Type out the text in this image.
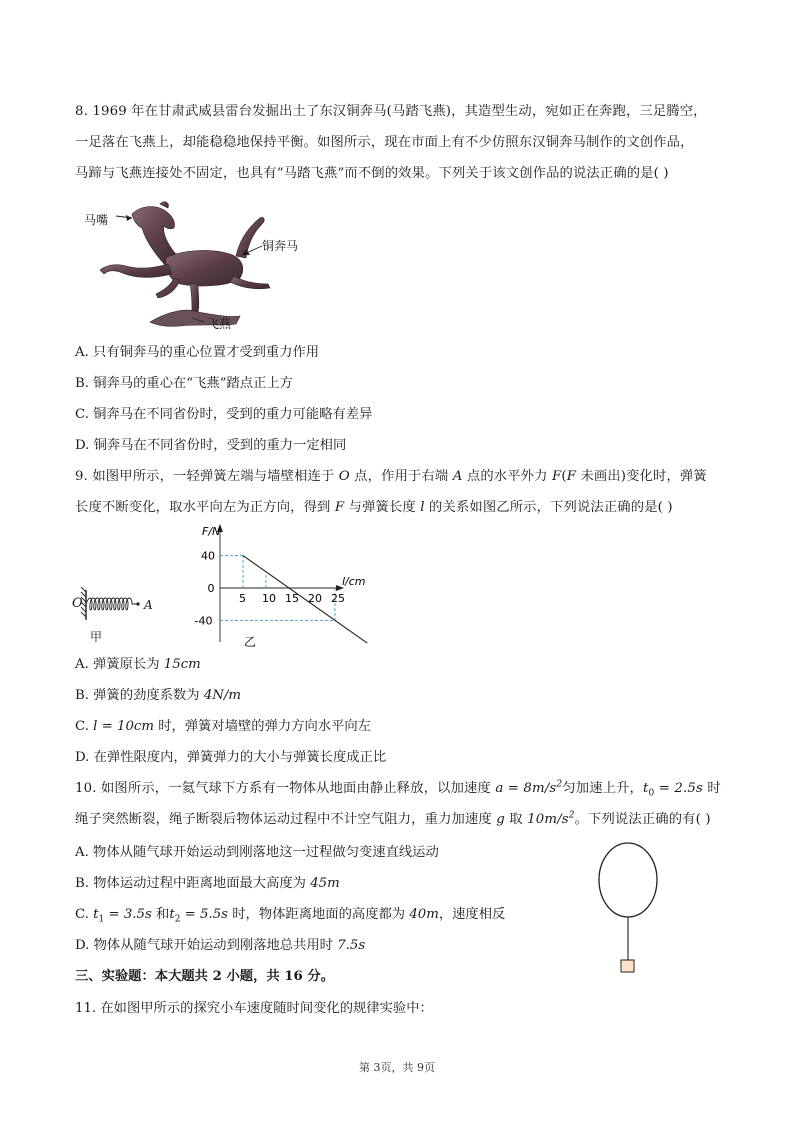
8. 1969 年在甘肃武威县雷台发掘出土了东汉铜奔马(马踏飞燕)，其造型生动，宛如正在奔跑，三足腾空，
一足落在飞燕上，却能稳稳地保持平衡。如图所示，现在市面上有不少仿照东汉铜奔马制作的文创作品，
马蹄与飞燕连接处不固定，也具有“马踏飞燕”而不倒的效果。下列关于该文创作品的说法正确的是( )
马嘴
铜奔马
飞燕
A. 只有铜奔马的重心位置才受到重力作用
B. 铜奔马的重心在“飞燕”踏点正上方
C. 铜奔马在不同省份时，受到的重力可能略有差异
D. 铜奔马在不同省份时，受到的重力一定相同
9. 如图甲所示，一轻弹簧左端与墙壁相连于 O 点，作用于右端 A 点的水平外力 F(F 未画出)变化时，弹簧
长度不断变化，取水平向左为正方向，得到 F 与弹簧长度 l 的关系如图乙所示，下列说法正确的是( )
O	A
甲
5 10 15 20 25
40
0
-40
F/N
l/cm
乙
A. 弹簧原长为 15cm
B. 弹簧的劲度系数为 4N/m
C. l = 10cm 时，弹簧对墙壁的弹力方向水平向左
D. 在弹性限度内，弹簧弹力的大小与弹簧长度成正比
10. 如图所示，一氦气球下方系有一物体从地面由静止释放，以加速度 $a = 8m/s^2$匀加速上升，$t_0 = 2.5s$ 时
绳子突然断裂，绳子断裂后物体运动过程中不计空气阻力，重力加速度 g 取 $10m/s^2$。下列说法正确的有( )
A. 物体从随气球开始运动到刚落地这一过程做匀变速直线运动
B. 物体运动过程中距离地面最大高度为 45m
C. $t_1 = 3.5s$ 和$t_2 = 5.5s$ 时，物体距离地面的高度都为 40m，速度相反
D. 物体从随气球开始运动到刚落地总共用时 7.5s
三、实验题：本大题共 2 小题，共 16 分。
11. 在如图甲所示的探究小车速度随时间变化的规律实验中：
第 3页，共 9页
